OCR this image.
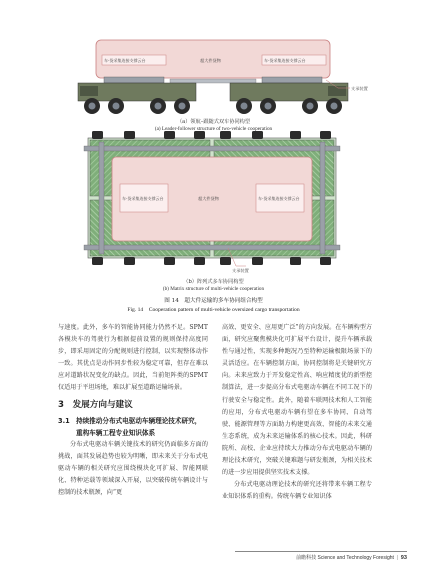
支承装置
车-货采集连接支撑云台	超大件货物	车-货采集连接支撑云台
车-货采集连接支撑云台	超大件货物	车-货采集连接支撑云台
支承装置
（a）领航–跟随式双车协同构型
(a) Leader-follower structure of two-vehicle cooperation
（b）阵列式多车协同构型
(b) Matrix structure of multi-vehicle cooperation
图 14　超大件运输的多车协同组合构型
Fig. 14　Cooperation pattern of multi-vehicle oversized cargo transportation

与速度。此外，多车的智能协同能力仍然不足。SPMT各模块车的驾驶行为根据提前设置的规则保持高度同步，即采用固定的分配规则进行控制，以实现整体动作一致。其优点是动作同步性较为稳定可靠，但存在难以应对道路状况变化的缺点。因此，当前矩阵类的SPMT仅适用于平坦场地，难以扩展至道路运输场景。

3　发展方向与建议
3.1 持续推动分布式电驱动车辆理论技术研究，
重构车辆工程专业知识体系

分布式电驱动车辆关键技术的研究仍面临多方面的挑战，面其发展趋势也较为明晰，即未来关于分布式电驱动车辆的相关研究应围绕模块化可扩展、智能网联化、特种运载等领域深入开展，以突破传统车辆设计与控制的技术瓶颈，向“更

高效、更安全、应用更广泛”的方向发展。在车辆构型方面，研究应聚焦模块化可扩展平台设计，提升车辆承载性与通过性，实现多种跑况乃至特种运输极限场景下的灵活适应。在车辆控制方面，协同控制将是关键研究方向。未来应致力于开发稳定性高、响应精度优的新型控制算法，进一步提高分布式电驱动车辆在不同工况下的行驶安全与稳定性。此外，随着车联网技术和人工智能的应用，分布式电驱动车辆有望在多车协同、自动驾驶、能源管理等方面助力构建更高效、智能的未来交通生态系统，成为未来运输体系的核心技术。因此，科研院所、高校、企业应持续大力推动分布式电驱动车辆的理论技术研究，突破关键难题与研发瓶颈，为相关技术的进一步应用提供坚实技术支撑。

分布式电驱动理论技术的研究还将带来车辆工程专业知识体系的重构。传统车辆专业知识体

前瞻科技 Science and Technology Foresight  |  93
